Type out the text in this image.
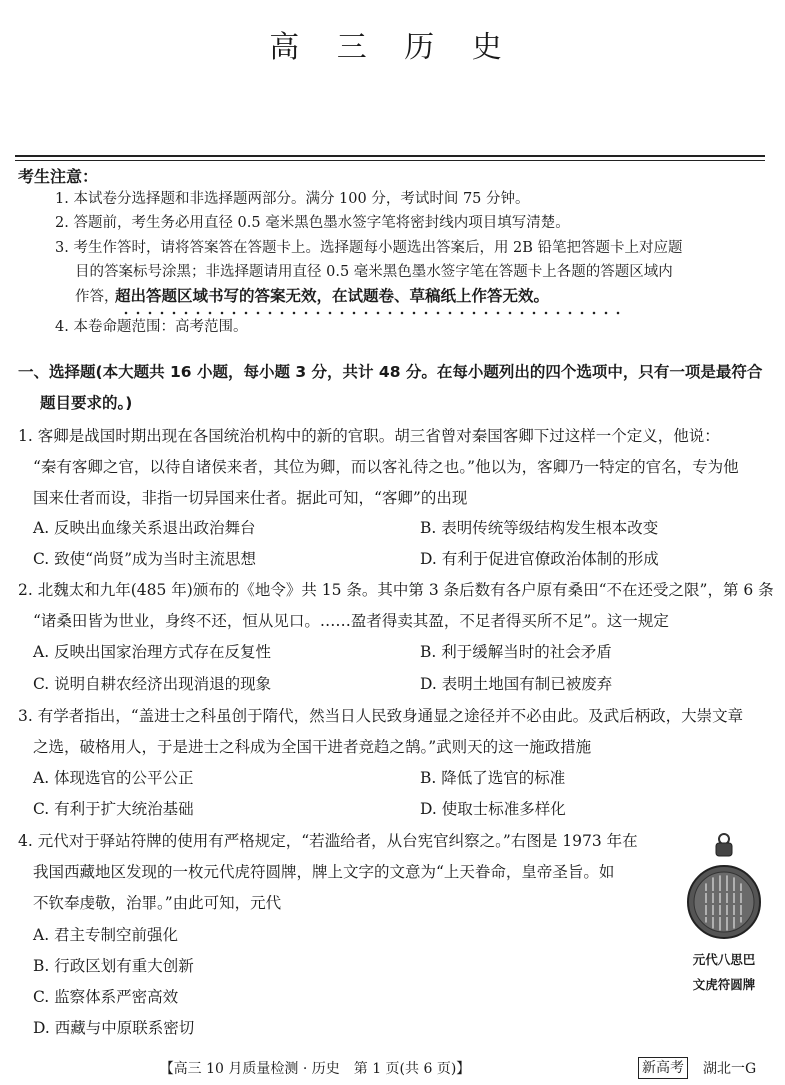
高 三 历 史
考生注意：
1. 本试卷分选择题和非选择题两部分。满分 100 分，考试时间 75 分钟。
2. 答题前，考生务必用直径 0.5 毫米黑色墨水签字笔将密封线内项目填写清楚。
3. 考生作答时，请将答案答在答题卡上。选择题每小题选出答案后，用 2B 铅笔把答题卡上对应题
目的答案标号涂黑；非选择题请用直径 0.5 毫米黑色墨水签字笔在答题卡上各题的答题区域内
作答，
超出答题区域书写的答案无效，在试题卷、草稿纸上作答无效。
4. 本卷命题范围：高考范围。
一、选择题(本大题共 16 小题，每小题 3 分，共计 48 分。在每小题列出的四个选项中，只有一项是最符合
题目要求的。)
1. 客卿是战国时期出现在各国统治机构中的新的官职。胡三省曾对秦国客卿下过这样一个定义，他说：
“秦有客卿之官，以待自诸侯来者，其位为卿，而以客礼待之也。”他以为，客卿乃一特定的官名，专为他
国来仕者而设，非指一切异国来仕者。据此可知，“客卿”的出现
A. 反映出血缘关系退出政治舞台	B. 表明传统等级结构发生根本改变
C. 致使“尚贤”成为当时主流思想	D. 有利于促进官僚政治体制的形成
2. 北魏太和九年(485 年)颁布的《地令》共 15 条。其中第 3 条后数有各户原有桑田“不在还受之限”，第 6 条
“诸桑田皆为世业，身终不还，恒从见口。……盈者得卖其盈，不足者得买所不足”。这一规定
A. 反映出国家治理方式存在反复性	B. 利于缓解当时的社会矛盾
C. 说明自耕农经济出现消退的现象	D. 表明土地国有制已被废弃
3. 有学者指出，“盖进士之科虽创于隋代，然当日人民致身通显之途径并不必由此。及武后柄政，大崇文章
之选，破格用人，于是进士之科成为全国干进者竞趋之鹄。”武则天的这一施政措施
A. 体现选官的公平公正	B. 降低了选官的标准
C. 有利于扩大统治基础	D. 使取士标准多样化
4. 元代对于驿站符牌的使用有严格规定，“若滥给者，从台宪官纠察之。”右图是 1973 年在
我国西藏地区发现的一枚元代虎符圆牌，牌上文字的文意为“上天眷命，皇帝圣旨。如
不钦奉虔敬，治罪。”由此可知，元代
A. 君主专制空前强化
B. 行政区划有重大创新
C. 监察体系严密高效
D. 西藏与中原联系密切
元代八思巴
文虎符圆牌
【高三 10 月质量检测 · 历史　第 1 页(共 6 页)】	新高考 湖北一G
